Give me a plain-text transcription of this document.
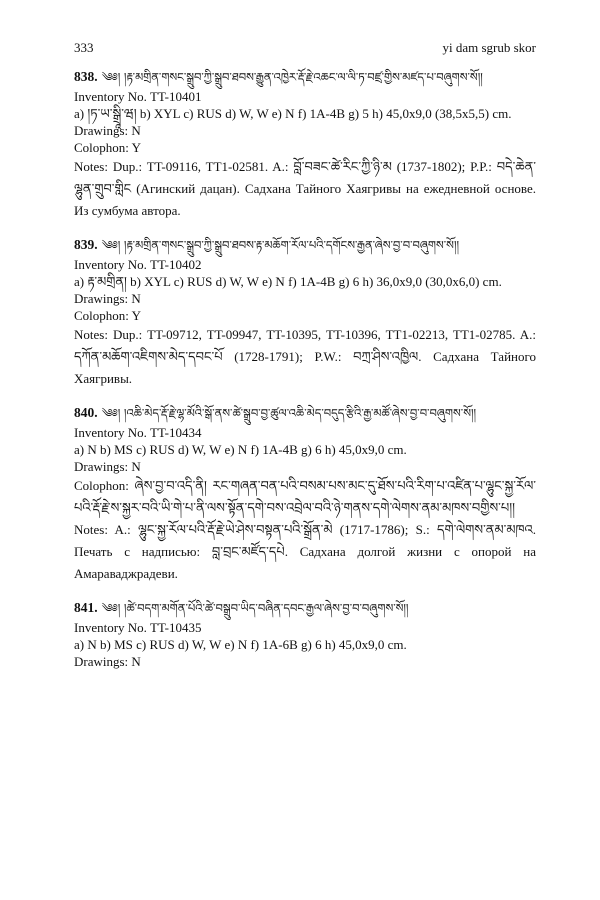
333	yi dam sgrub skor
838. ༄༅། །རྟ་མགྲིན་གསང་སྒྲུབ་ཀྱི་སྒྲུབ་ཐབས་རྒྱུན་འཁྱེར་རྡོ་རྗེ་འཆང་ལ་ལི་ཏ་བཛྲ་གྱིས་མཛད་པ་བཞུགས་སོ།།
Inventory No. TT-10401
a) །ཏ་ཡ་སྒྲཱི་ཝ། b) XYL c) RUS d) W, W e) N f) 1A-4B g) 5 h) 45,0x9,0 (38,5x5,5) cm.
Drawings: N
Colophon: Y
Notes: Dup.: TT-09116, TT1-02581. A.: བློ་བཟང་ཚེ་རིང་ཀྱི་ཉི་མ (1737-1802); P.P.: བདེ་ཆེན་ལྷུན་གྲུབ་གླིང (Агинский дацан). Садхана Тайного Хаягривы на ежедневной основе. Из сумбума автора.
839. ༄༅། །རྟ་མགྲིན་གསང་སྒྲུབ་ཀྱི་སྒྲུབ་ཐབས་རྟ་མཆོག་རོལ་པའི་དགོངས་རྒྱན་ཞེས་བྱ་བ་བཞུགས་སོ།།
Inventory No. TT-10402
a) རྟ་མགྲིན། b) XYL c) RUS d) W, W e) N f) 1A-4B g) 6 h) 36,0x9,0 (30,0x6,0) cm.
Drawings: N
Colophon: Y
Notes: Dup.: TT-09712, TT-09947, TT-10395, TT-10396, TT1-02213, TT1-02785. A.: དཀོན་མཆོག་འཇིགས་མེད་དབང་པོ (1728-1791); P.W.: བཀྲ་ཤིས་འཁྱིལ. Садхана Тайного Хаягривы.
840. ༄༅། །འཆི་མེད་རྡོ་རྗེ་ལྷ་མོའི་སྒོ་ནས་ཚེ་སྒྲུབ་བྱ་ཚུལ་འཆི་མེད་བདུད་རྩིའི་རྒྱ་མཚོ་ཞེས་བྱ་བ་བཞུགས་སོ།།
Inventory No. TT-10434
a) N b) MS c) RUS d) W, W e) N f) 1A-4B g) 6 h) 45,0x9,0 cm.
Drawings: N
Colophon: ཞེས་བྱ་བ་འདི་ནི། རང་གཞན་བན་པའི་བསམ་པས་མང་དུ་ཐོས་པའི་རིག་པ་འཛིན་པ་ལྷུང་སྐྱ་རོལ་པའི་རྡོ་རྗེ་ས་སྐྱར་བའི་ཡི་གེ་པ་ནི་ལས་སྟོན་དགེ་བས་འབྲེལ་བའི་ཉེ་གནས་དགེ་ལེགས་ནམ་མཁས་བགྱིས་པ།།
Notes: A.: ལྷུང་སྐྱ་རོལ་པའི་རྡོ་རྗེ་ཡེ་ཤེས་བསྟན་པའི་སྒྲོན་མེ (1717-1786); S.: དགེ་ལེགས་ནམ་མཁའ. Печать с надписью: བླ་བྲང་མཛོད་དཔེ. Садхана долгой жизни с опорой на Амараваджрадеви.
841. ༄༅། །ཚེ་བདག་མགོན་པོའི་ཚེ་བསྒྲུབ་ཡིད་བཞིན་དབང་རྒྱལ་ཞེས་བྱ་བ་བཞུགས་སོ།།
Inventory No. TT-10435
a) N b) MS c) RUS d) W, W e) N f) 1A-6B g) 6 h) 45,0x9,0 cm.
Drawings: N
